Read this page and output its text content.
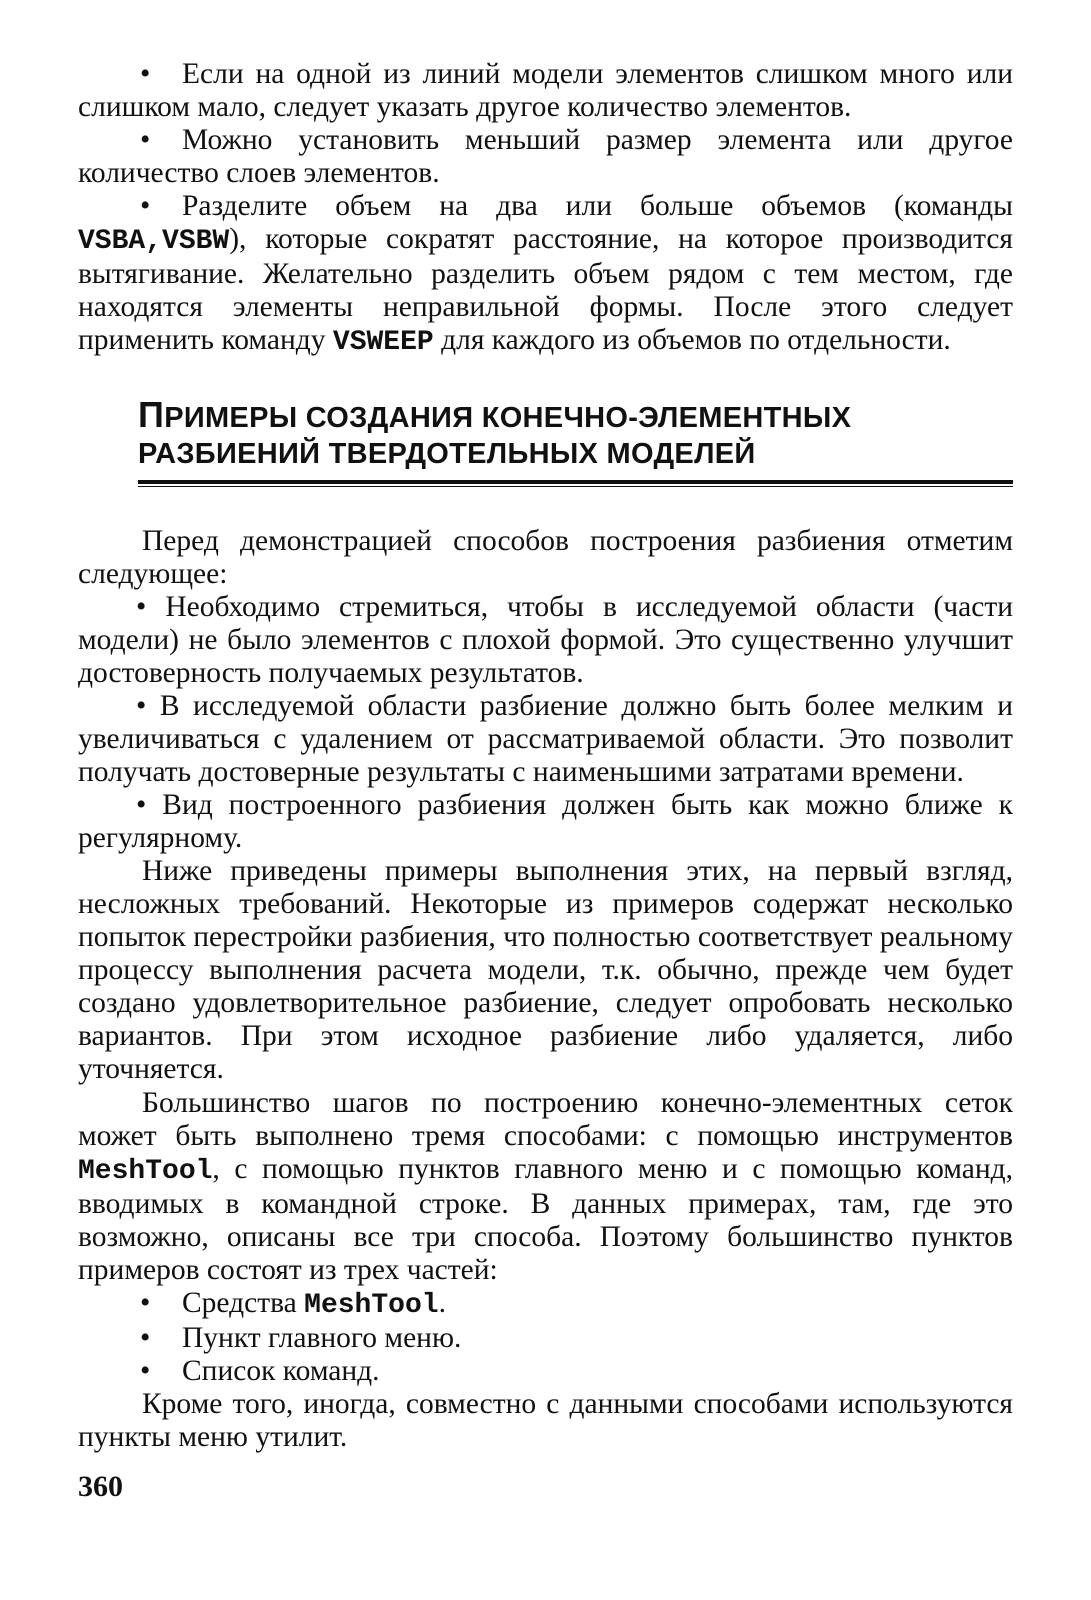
• Если на одной из линий модели элементов слишком много или слишком мало, следует указать другое количество элементов.

• Можно установить меньший размер элемента или другое количество слоев элементов.

• Разделите объем на два или больше объемов (команды VSBA,VSBW), которые сократят расстояние, на которое производится вытягивание. Желательно разделить объем рядом с тем местом, где находятся элементы неправильной формы. После этого следует применить команду VSWEEP для каждого из объемов по отдельности.

ПРИМЕРЫ СОЗДАНИЯ КОНЕЧНО-ЭЛЕМЕНТНЫХ
РАЗБИЕНИЙ ТВЕРДОТЕЛЬНЫХ МОДЕЛЕЙ

Перед демонстрацией способов построения разбиения отметим следующее:

• Необходимо стремиться, чтобы в исследуемой области (части модели) не было элементов с плохой формой. Это существенно улучшит достоверность получаемых результатов.

• В исследуемой области разбиение должно быть более мелким и увеличиваться с удалением от рассматриваемой области. Это позволит получать достоверные результаты с наименьшими затратами времени.

• Вид построенного разбиения должен быть как можно ближе к регулярному.

Ниже приведены примеры выполнения этих, на первый взгляд, несложных требований. Некоторые из примеров содержат несколько попыток перестройки разбиения, что полностью соответствует реальному процессу выполнения расчета модели, т.к. обычно, прежде чем будет создано удовлетворительное разбиение, следует опробовать несколько вариантов. При этом исходное разбиение либо удаляется, либо уточняется.

Большинство шагов по построению конечно-элементных сеток может быть выполнено тремя способами: с помощью инструментов MeshTool, с помощью пунктов главного меню и с помощью команд, вводимых в командной строке. В данных примерах, там, где это возможно, описаны все три способа. Поэтому большинство пунктов примеров состоят из трех частей:

• Средства MeshTool.

• Пункт главного меню.

• Список команд.

Кроме того, иногда, совместно с данными способами используются пункты меню утилит.

360
